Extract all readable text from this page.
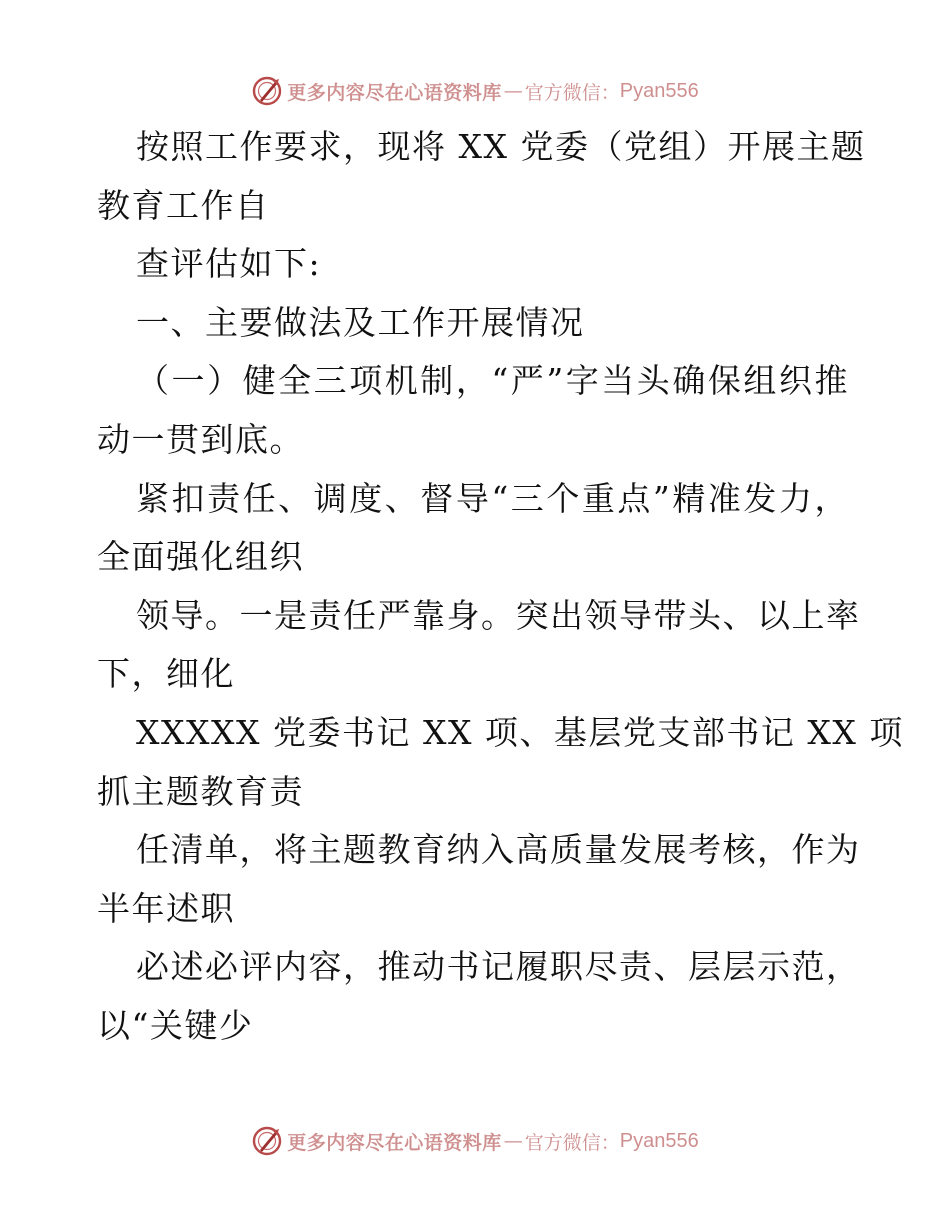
更多内容尽在心语资料库 — 官方微信： Pyan556
按照工作要求，现将 XX 党委（党组）开展主题
教育工作自
查评估如下:
一、主要做法及工作开展情况
（一）健全三项机制，“严”字当头确保组织推
动一贯到底。
紧扣责任、调度、督导“三个重点”精准发力，
全面强化组织
领导。一是责任严靠身。突出领导带头、以上率
下，细化
XXXXX 党委书记 XX 项、基层党支部书记 XX 项
抓主题教育责
任清单，将主题教育纳入高质量发展考核，作为
半年述职
必述必评内容，推动书记履职尽责、层层示范，
以“关键少
更多内容尽在心语资料库 — 官方微信： Pyan556
